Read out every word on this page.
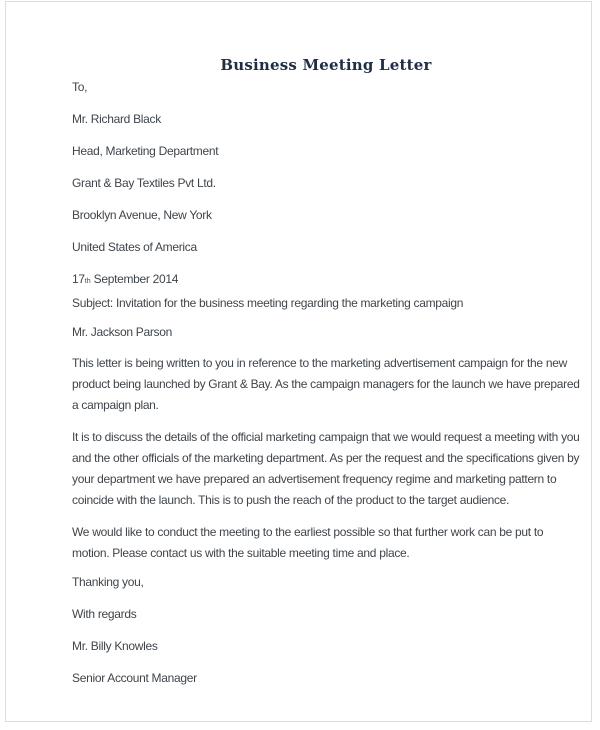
Business Meeting Letter

To,

Mr. Richard Black

Head, Marketing Department

Grant & Bay Textiles Pvt Ltd.

Brooklyn Avenue, New York

United States of America

17th September 2014

Subject: Invitation for the business meeting regarding the marketing campaign

Mr. Jackson Parson

This letter is being written to you in reference to the marketing advertisement campaign for the new product being launched by Grant & Bay. As the campaign managers for the launch we have prepared a campaign plan.

It is to discuss the details of the official marketing campaign that we would request a meeting with you and the other officials of the marketing department. As per the request and the specifications given by your department we have prepared an advertisement frequency regime and marketing pattern to coincide with the launch. This is to push the reach of the product to the target audience.

We would like to conduct the meeting to the earliest possible so that further work can be put to motion. Please contact us with the suitable meeting time and place.

Thanking you,

With regards

Mr. Billy Knowles

Senior Account Manager
